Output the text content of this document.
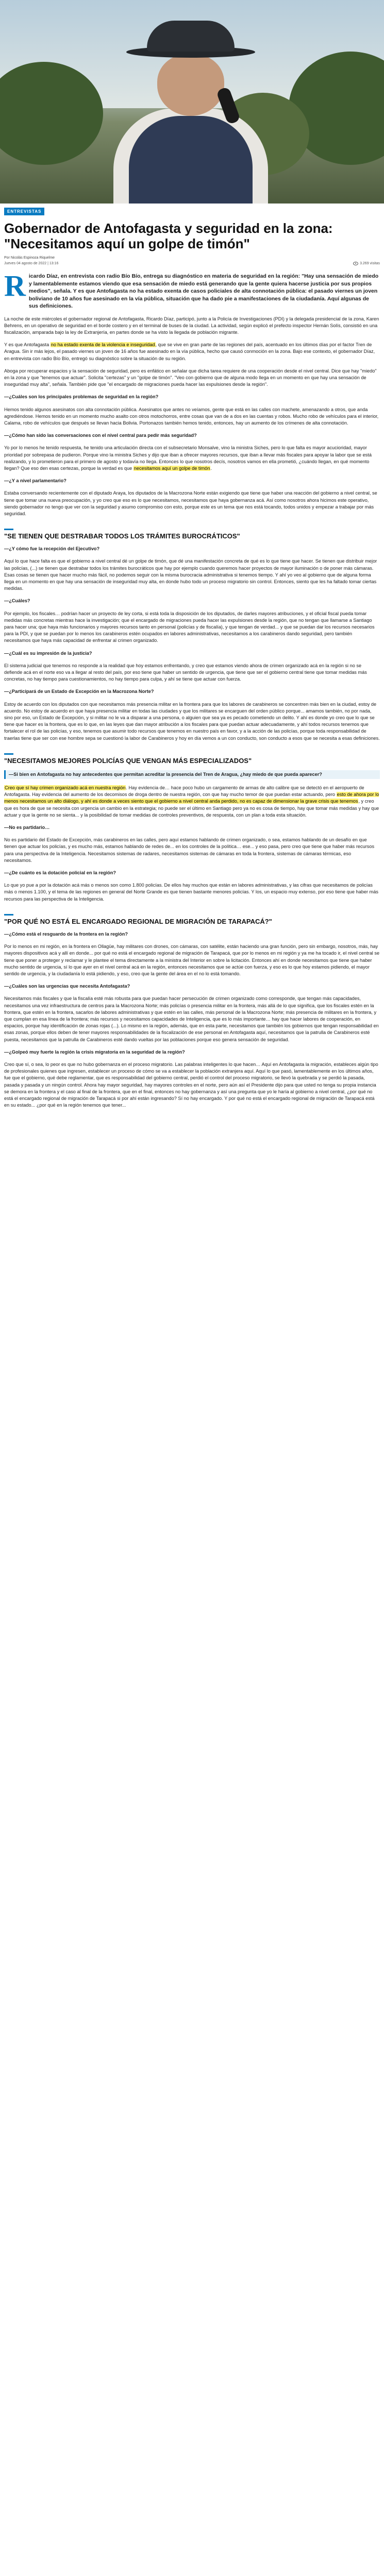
ENTREVISTAS
Gobernador de Antofagasta y seguridad en la zona: "Necesitamos aquí un golpe de timón"
Por Nicolás Espinoza Riquelme
Jueves 04 agosto de 2022 | 13:16	3.269 visitas
R icardo Díaz, en entrevista con radio Bío Bío, entrega su diagnóstico en materia de seguridad en la región: "Hay una sensación de miedo y lamentablemente estamos viendo que esa sensación de miedo está generando que la gente quiera hacerse justicia por sus propios medios", señala. Y es que Antofagasta no ha estado exenta de casos policiales de alta connotación pública: el pasado viernes un joven boliviano de 10 años fue asesinado en la vía pública, situación que ha dado pie a manifestaciones de la ciudadanía. Aquí algunas de sus definiciones.

La noche de este miércoles el gobernador regional de Antofagasta, Ricardo Díaz, participó, junto a la Policía de Investigaciones (PDI) y la delegada presidencial de la zona, Karen Behrens, en un operativo de seguridad en el borde costero y en el terminal de buses de la ciudad. La actividad, según explicó el prefecto inspector Hernán Solís, consistió en una fiscalización, amparada bajo la ley de Extranjería, en partes donde se ha visto la llegada de población migrante.

Y es que Antofagasta no ha estado exenta de la violencia e inseguridad, que se vive en gran parte de las regiones del país, acentuado en los últimos días por el factor Tren de Aragua. Sin ir más lejos, el pasado viernes un joven de 16 años fue asesinado en la vía pública, hecho que causó conmoción en la zona. Bajo ese contexto, el gobernador Díaz, en entrevista con radio Bío Bío, entregó su diagnóstico sobre la situación de su región.

Aboga por recuperar espacios y la sensación de seguridad, pero es enfático en señalar que dicha tarea requiere de una cooperación desde el nivel central. Dice que hay "miedo" en la zona y que "tenemos que actuar". Solicita "certezas" y un "golpe de timón". "Veo con gobierno que de alguna modo llega en un momento en que hay una sensación de inseguridad muy alta", señala. También pide que "el encargado de migraciones pueda hacer las expulsiones desde la región".

—¿Cuáles son los principales problemas de seguridad en la región?

Hemos tenido algunos asesinatos con alta connotación pública. Asesinatos que antes no veíamos, gente que está en las calles con machete, amenazando a otros, que anda agrediéndose. Hemos tenido en un momento mucho asalto con otros motochorros, entre cosas que van de a dos en las cuentas y robos. Mucho robo de vehículos para el interior, Calama, robo de vehículos que después se llevan hacia Bolivia. Portonazos también hemos tenido, entonces, hay un aumento de los crímenes de alta connotación.

—¿Cómo han sido las conversaciones con el nivel central para pedir más seguridad?

Yo por lo menos he tenido respuesta, he tenido una articulación directa con el subsecretario Monsalve, vino la ministra Siches, pero lo que falta es mayor acucioridad, mayor prioridad por sobrepasa de pudieron. Porque vino la ministra Siches y dijo que iban a ofrecer mayores recursos, que iban a llevar más fiscales para apoyar la labor que se está realizando, y lo prometieron para el primero de agosto y todavía no llega. Entonces lo que nosotros decís, nosotros vamos en ella prometió, ¿cuándo llegan, en qué momento llegan? Que eso den esas certezas, porque la verdad es que necesitamos aquí un golpe de timón.

—¿Y a nivel parlamentario?

Estaba conversando recientemente con el diputado Araya, los diputados de la Macrozona Norte están exigiendo que tiene que haber una reacción del gobierno a nivel central, se tiene que tomar una nueva preocupación, y yo creo que eso es lo que necesitamos, necesitamos que haya gobernanza acá. Así como nosotros ahora hicimos este operativo, siendo gobernador no tengo que ver con la seguridad y asumo compromiso con esto, porque este es un tema que nos está tocando, todos unidos y empezar a trabajar por más seguridad.

"SE TIENEN QUE DESTRABAR TODOS LOS TRÁMITES BUROCRÁTICOS"

—¿Y cómo fue la recepción del Ejecutivo?

Aquí lo que hace falta es que el gobierno a nivel central dé un golpe de timón, que dé una manifestación concreta de qué es lo que tiene que hacer. Se tienen que distribuir mejor las policías, (...) se tienen que destrabar todos los trámites burocráticos que hay por ejemplo cuando queremos hacer proyectos de mayor iluminación o de poner más cámaras. Esas cosas se tienen que hacer mucho más fácil, no podemos seguir con la misma burocracia administrativa si tenemos tiempo. Y ahí yo veo al gobierno que de alguna forma llega en un momento en que hay una sensación de inseguridad muy alta, en donde hubo todo un proceso migratorio sin control. Entonces, siento que les ha faltado tomar ciertas medidas.

—¿Cuáles?

Por ejemplo, los fiscales… podrían hacer un proyecto de ley corta, si está toda la disposición de los diputados, de darles mayores atribuciones, y el oficial fiscal pueda tomar medidas más concretas mientras hace la investigación; que el encargado de migraciones pueda hacer las expulsiones desde la región, que no tengan que llamarse a Santiago para hacer una; que haya más funcionarios y mayores recursos tanto en personal (policías y de fiscalía), y que tengan de verdad... y que se puedan dar los recursos necesarios para la PDI, y que se puedan por lo menos los carabineros estén ocupados en labores administrativas, necesitamos a los carabineros dando seguridad, pero también necesitamos que haya más capacidad de enfrentar al crimen organizado.

—¿Cuál es su impresión de la justicia?

El sistema judicial que tenemos no responde a la realidad que hoy estamos enfrentando, y creo que estamos viendo ahora de crimen organizado acá en la región si no se defiende acá en el norte eso va a llegar al resto del país, por eso tiene que haber un sentido de urgencia, que tiene que ser el gobierno central tiene que tomar medidas más concretas, no hay tiempo para cuestionamientos, no hay tiempo para culpa, y ahí se tiene que actuar con fuerza.

—¿Participará de un Estado de Excepción en la Macrozona Norte?

Estoy de acuerdo con los diputados con que necesitamos más presencia militar en la frontera para que los labores de carabineros se concentren más bien en la ciudad, estoy de acuerdo. No estoy de acuerdo en que haya presencia militar en todas las ciudades y que los militares se encarguen del orden público porque... amamos también, no por nada, sino por eso, un Estado de Excepción, y si militar no le va a disparar a una persona, o alguien que sea ya es pecado cometiendo un delito. Y ahí es donde yo creo que lo que se tiene que hacer es la frontera, que es lo que, en las leyes que dan mayor atribución a los fiscales para que puedan actuar adecuadamente, y ahí todos recursos tenemos que fortalecer el rol de las policías, y eso, tenemos que asumir todo recursos que tenemos en nuestro país en favor, y a la acción de las policías, porque toda responsabilidad de traerlas tiene que ser con ese hombre sepa se cuestionó la labor de Carabineros y hoy en día vemos a un con conducto, son conducto a esos que se necesita a esas definiciones.

"NECESITAMOS MEJORES POLICÍAS QUE VENGAN MÁS ESPECIALIZADOS"

—Si bien en Antofagasta no hay antecedentes que permitan acreditar la presencia del Tren de Aragua, ¿hay miedo de que pueda aparecer?

Creo que sí hay crimen organizado acá en nuestra región. Hay evidencia de… hace poco hubo un cargamento de armas de alto calibre que se detectó en el aeropuerto de Antofagasta. Hay evidencia del aumento de los decomisos de droga dentro de nuestra región, con que hay mucho temor de que puedan estar actuando, pero esto de ahora por lo menos necesitamos un alto diálogo, y ahí es donde a veces siento que el gobierno a nivel central anda perdido, no es capaz de dimensionar la grave crisis que tenemos, y creo que es hora de que se necesita con urgencia un cambio en la estrategia; no puede ser el último en Santiago pero ya no es cosa de tiempo, hay que tomar más medidas y hay que actuar y que la gente no se sienta... y la posibilidad de tomar medidas de controles preventivos, de respuesta, con un plan a toda esta situación.

—No es partidario…

No es partidario del Estado de Excepción, más carabineros en las calles, pero aquí estamos hablando de crimen organizado, o sea, estamos hablando de un desafío en que tienen que actuar los policías, y es mucho más, estamos hablando de redes de... en los controles de la política… ese... y eso pasa, pero creo que tiene que haber más recursos para una perspectiva de la Inteligencia. Necesitamos sistemas de radares, necesitamos sistemas de cámaras en toda la frontera, sistemas de cámaras térmicas, eso necesitamos.

—¿De cuánto es la dotación policial en la región?

Lo que yo pue a por la dotación acá más o menos son como 1.800 policías. De ellos hay muchos que están en labores administrativas, y las cifras que necesitamos de policías más o menos 1.100, y el tema de las regiones en general del Norte Grande es que tienen bastante menores policías. Y los, un espacio muy extenso, por eso tiene que haber más recursos para las perspectiva de la Inteligencia.

"POR QUÉ NO ESTÁ EL ENCARGADO REGIONAL DE MIGRACIÓN DE TARAPACÁ?"

—¿Cómo está el resguardo de la frontera en la región?

Por lo menos en mi región, en la frontera en Ollagüe, hay militares con drones, con cámaras, con satélite, están haciendo una gran función, pero sin embargo, nosotros, más, hay mayores dispositivos acá y allí en donde... por qué no está el encargado regional de migración de Tarapacá, que por lo menos en mi región y ya me ha tocado ir, el nivel central se tiene que poner a proteger y reclamar y le plantee el tema directamente a la ministra del Interior en sobre la licitación. Entonces ahí en donde necesitamos que tiene que haber mucho sentido de urgencia, sí lo que ayer en el nivel central acá en la región, entonces necesitamos que se actúe con fuerza, y eso es lo que hoy estamos pidiendo, el mayor sentido de urgencia, y la ciudadanía lo está pidiendo, y eso, creo que la gente del área en el no lo está tomando.

—¿Cuáles son las urgencias que necesita Antofagasta?

Necesitamos más fiscales y que la fiscalía esté más robusta para que puedan hacer persecución de crimen organizado como corresponde, que tengan más capacidades, necesitamos una vez infraestructura de centros para la Macrozona Norte; más policías o presencia militar en la frontera, más allá de lo que significa, que los fiscales estén en la frontera, que estén en la frontera, sacarlos de labores administrativas y que estén en las calles, más personal de la Macrozona Norte; más presencia de militares en la frontera, y que cumplan en esa línea de la frontera; más recursos y necesitamos capacidades de Inteligencia, que es lo más importante… hay que hacer labores de cooperación, en espacios, porque hay identificación de zonas rojas (...). Lo mismo en la región, además, que en esta parte, necesitamos que también los gobiernos que tengan responsabilidad en esas zonas, porque ellos deben de tener mayores responsabilidades de la fiscalización de ese personal en Antofagasta aquí, necesitamos que la patrulla de Carabineros esté puesta, necesitamos que la patrulla de Carabineros esté dando vueltas por las poblaciones porque eso genera sensación de seguridad.

—¿Golpeó muy fuerte la región la crisis migratoria en la seguridad de la región?

Creo que sí, o sea, lo peor es que no hubo gobernanza en el proceso migratorio. Las palabras inteligentes lo que hacen… Aquí en Antofagasta la migración, estableces algún tipo de profesionales quienes que ingresen, establecer un proceso de cómo se va a establecer la población extranjera aquí. Aquí lo que pasó, lamentablemente en los últimos años, fue que el gobierno, qué debe reglamentar, que es responsabilidad del gobierno central, perdió el control del proceso migratorio, se llevó la quebrada y se perdió la pasada, pasada y pasada y un ningún control. Ahora hay mayor seguridad, hay mayores controles en el norte, pero aún así el Presidente dijo para que usted no tenga su propia instancia se demora en la frontera y el caso al final de la frontera, que en el final, entonces no hay gobernanza y así una pregunta que yo le haría al gobierno a nivel central, ¿por qué no está el encargado regional de migración de Tarapacá si por ahí están ingresando? Sí no hay encargado. Y por qué no está el encargado regional de migración de Tarapacá está en su estado... ¿por qué en la región tenemos que tener...
